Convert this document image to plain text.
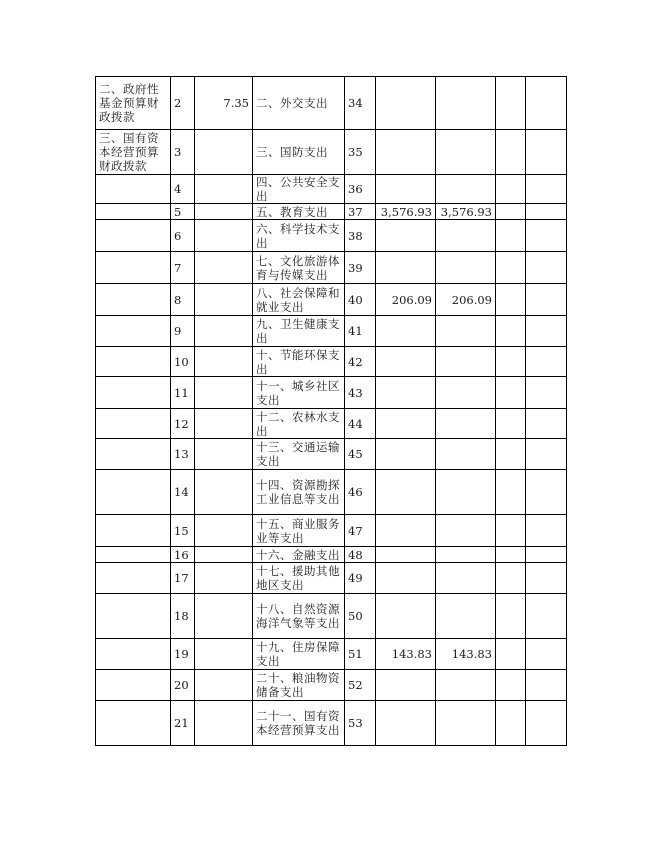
二、政府性基金预算财政拨款	2	7.35	二、外交支出	34				
三、国有资本经营预算财政拨款	3		三、国防支出	35				
	4		四、公共安全支出	36				
	5		五、教育支出	37	3,576.93	3,576.93		
	6		六、科学技术支出	38				
	7		七、文化旅游体育与传媒支出	39				
	8		八、社会保障和就业支出	40	206.09	206.09		
	9		九、卫生健康支出	41				
	10		十、节能环保支出	42				
	11		十一、城乡社区支出	43				
	12		十二、农林水支出	44				
	13		十三、交通运输支出	45				
	14		十四、资源勘探工业信息等支出	46				
	15		十五、商业服务业等支出	47				
	16		十六、金融支出	48				
	17		十七、援助其他地区支出	49				
	18		十八、自然资源海洋气象等支出	50				
	19		十九、住房保障支出	51	143.83	143.83		
	20		二十、粮油物资储备支出	52				
	21		二十一、国有资本经营预算支出	53				
